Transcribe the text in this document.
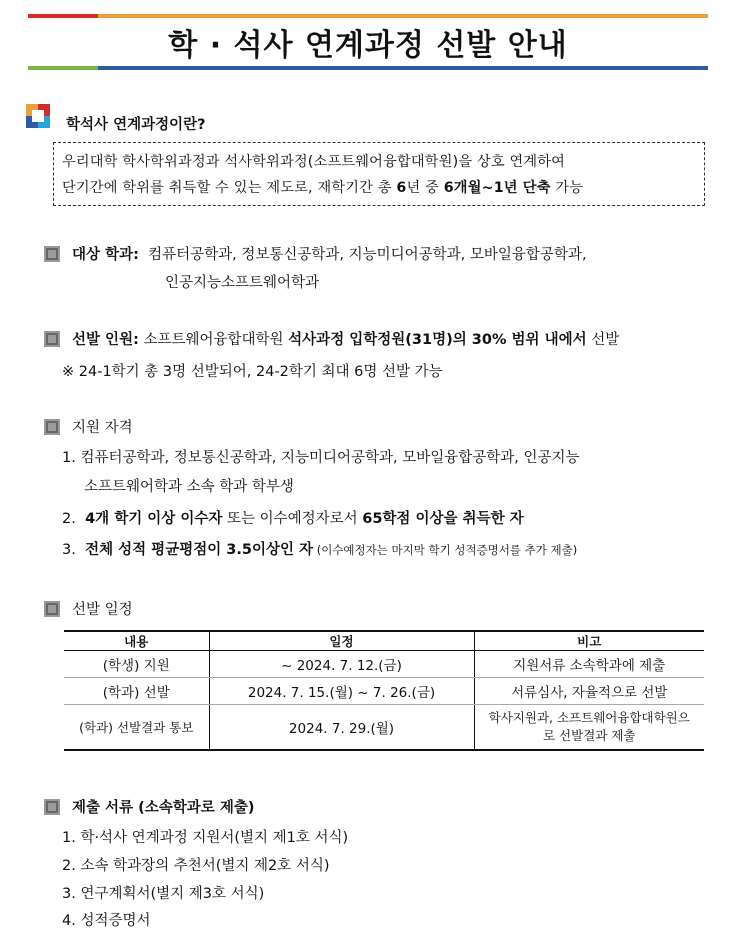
학 · 석사 연계과정 선발 안내
학석사 연계과정이란?
우리대학 학사학위과정과 석사학위과정(소프트웨어융합대학원)을 상호 연계하여
단기간에 학위를 취득할 수 있는 제도로, 재학기간 총 6년 중 6개월~1년 단축 가능
대상 학과: 컴퓨터공학과, 정보통신공학과, 지능미디어공학과, 모바일융합공학과,
인공지능소프트웨어학과
선발 인원: 소프트웨어융합대학원 석사과정 입학정원(31명)의 30% 범위 내에서 선발
※ 24-1학기 총 3명 선발되어, 24-2학기 최대 6명 선발 가능
지원 자격
1. 컴퓨터공학과, 정보통신공학과, 지능미디어공학과, 모바일융합공학과, 인공지능
소프트웨어학과 소속 학과 학부생
2. 4개 학기 이상 이수자 또는 이수예정자로서 65학점 이상을 취득한 자
3. 전체 성적 평균평점이 3.5이상인 자 (이수예정자는 마지막 학기 성적증명서를 추가 제출)
선발 일정
내용	일정	비고
(학생) 지원	~ 2024. 7. 12.(금)	지원서류 소속학과에 제출
(학과) 선발	2024. 7. 15.(월) ~ 7. 26.(금)	서류심사, 자율적으로 선발
(학과) 선발결과 통보	2024. 7. 29.(월)	학사지원과, 소프트웨어융합대학원으로 선발결과 제출
제출 서류 (소속학과로 제출)
1. 학·석사 연계과정 지원서(별지 제1호 서식)
2. 소속 학과장의 추천서(별지 제2호 서식)
3. 연구계획서(별지 제3호 서식)
4. 성적증명서
